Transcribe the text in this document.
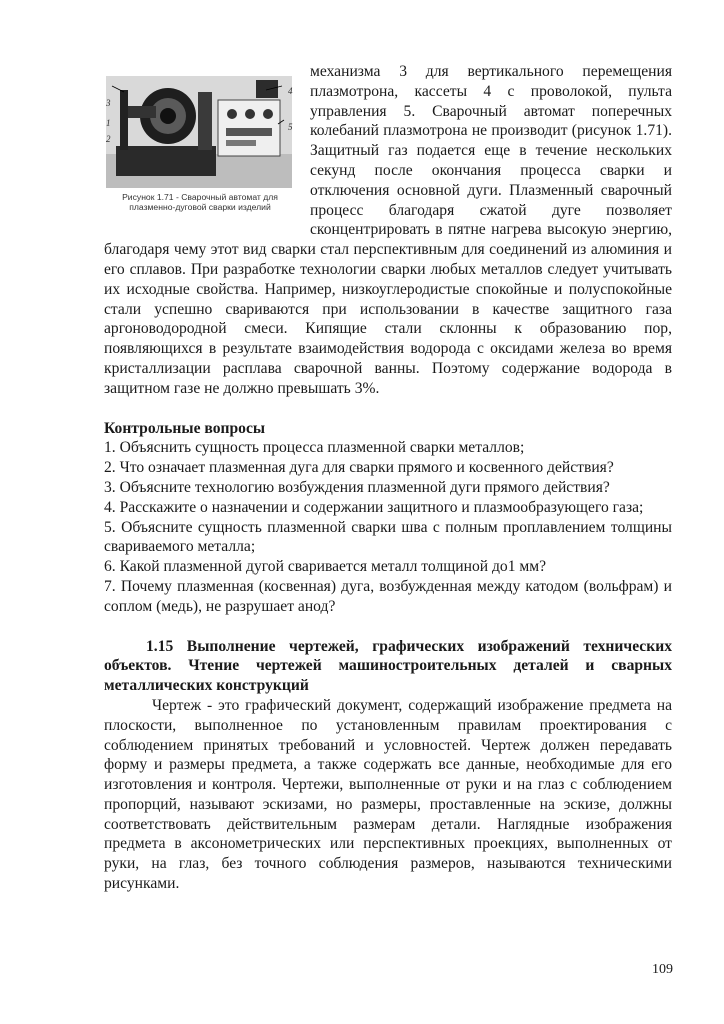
3
1
2
4
5
Рисунок 1.71 - Сварочный автомат для плазменно-дуговой сварки изделий

механизма 3 для вертикального перемещения плазмотрона, кассеты 4 с проволокой, пульта управления 5. Сварочный автомат поперечных колебаний плазмотрона не производит (рисунок 1.71). Защитный газ подается еще в течение нескольких секунд после окончания процесса сварки и отключения основной дуги. Плазменный сварочный процесс благодаря сжатой дуге позволяет сконцентрировать в пятне нагрева высокую энергию, благодаря чему этот вид сварки стал перспективным для соединений из алюминия и его сплавов. При разработке технологии сварки любых металлов следует учитывать их исходные свойства. Например, низкоуглеродистые спокойные и полуспокойные стали успешно свариваются при использовании в качестве защитного газа аргоноводородной смеси. Кипящие стали склонны к образованию пор, появляющихся в результате взаимодействия водорода с оксидами железа во время кристаллизации расплава сварочной ванны. Поэтому содержание водорода в защитном газе не должно превышать 3%.

Контрольные вопросы

1. Объяснить сущность процесса плазменной сварки металлов;

2. Что означает плазменная дуга для сварки прямого и косвенного действия?

3. Объясните технологию возбуждения плазменной дуги прямого действия?

4. Расскажите о назначении и содержании защитного и плазмообразующего газа;

5. Объясните сущность плазменной сварки шва с полным проплавлением толщины свариваемого металла;

6. Какой плазменной дугой сваривается металл толщиной до1 мм?

7. Почему плазменная (косвенная) дуга, возбужденная между катодом (вольфрам) и соплом (медь), не разрушает анод?

1.15 Выполнение чертежей, графических изображений технических объектов. Чтение чертежей машиностроительных деталей и сварных металлических конструкций

Чертеж - это графический документ, содержащий изображение предмета на плоскости, выполненное по установленным правилам проектирования с соблюдением принятых требований и условностей. Чертеж должен передавать форму и размеры предмета, а также содержать все данные, необходимые для его изготовления и контроля. Чертежи, выполненные от руки и на глаз с соблюдением пропорций, называют эскизами, но размеры, проставленные на эскизе, должны соответствовать действительным размерам детали. Наглядные изображения предмета в аксонометрических или перспективных проекциях, выполненных от руки, на глаз, без точного соблюдения размеров, называются техническими рисунками.

109
